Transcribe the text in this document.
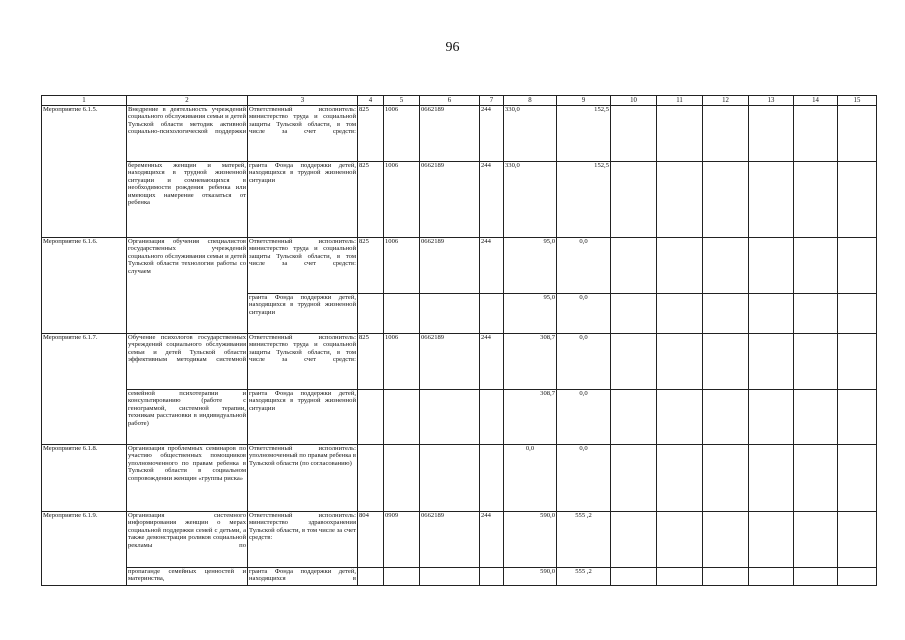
96
1	2	3	4	5	6	7	8	9	10	11	12	13	14	15
Мероприятие 6.1.5.	Внедрение в деятельность учреждений социального обслуживания семьи и детей Тульской области методик активной социально-психологической поддержки	Ответственный исполнитель: министерство труда и социальной защиты Тульской области, в том числе за счет средств:	825	1006	0662189	244	330,0	152,5						
	беременных женщин и матерей, находящихся в трудной жизненной ситуации и сомневающихся в необходимости рождения ребенка или имеющих намерение отказаться от ребенка	гранта Фонда поддержки детей, находящихся в трудной жизненной ситуации	825	1006	0662189	244	330,0	152,5						
Мероприятие 6.1.6.	Организация обучения специалистов государственных учреждений социального обслуживания семьи и детей Тульской области технологии работы со случаем	Ответственный исполнитель: министерство труда и социальной защиты Тульской области, в том числе за счет средств:	825	1006	0662189	244	95,0	0,0						
		гранта Фонда поддержки детей, находящихся в трудной жизненной ситуации					95,0	0,0						
Мероприятие 6.1.7.	Обучение психологов государственных учреждений социального обслуживания семьи и детей Тульской области эффективным методикам системной	Ответственный исполнитель: министерство труда и социальной защиты Тульской области, в том числе за счет средств:	825	1006	0662189	244	308,7	0,0						
	семейной психотерапии и консультированию (работе с генограммой, системной терапии, техникам расстановки в индивидуальной работе)	гранта Фонда поддержки детей, находящихся в трудной жизненной ситуации					308,7	0,0						
Мероприятие 6.1.8.	Организация проблемных семинаров по участию общественных помощников уполномоченного по правам ребенка в Тульской области в социальном сопровождении женщин «группы риска»	Ответственный исполнитель: уполномоченный по правам ребенка в Тульской области (по согласованию)					0,0	0,0						
Мероприятие 6.1.9.	Организация системного информирования женщин о мерах социальной поддержки семей с детьми, а также демонстрация роликов социальной рекламы по	Ответственный исполнитель: министерство здравоохранения Тульской области, в том числе за счет средств:	804	0909	0662189	244	590,0	555 ,2						
	пропаганде семейных ценностей и материнства,	гранта Фонда поддержки детей, находящихся в					590,0	555 ,2						
